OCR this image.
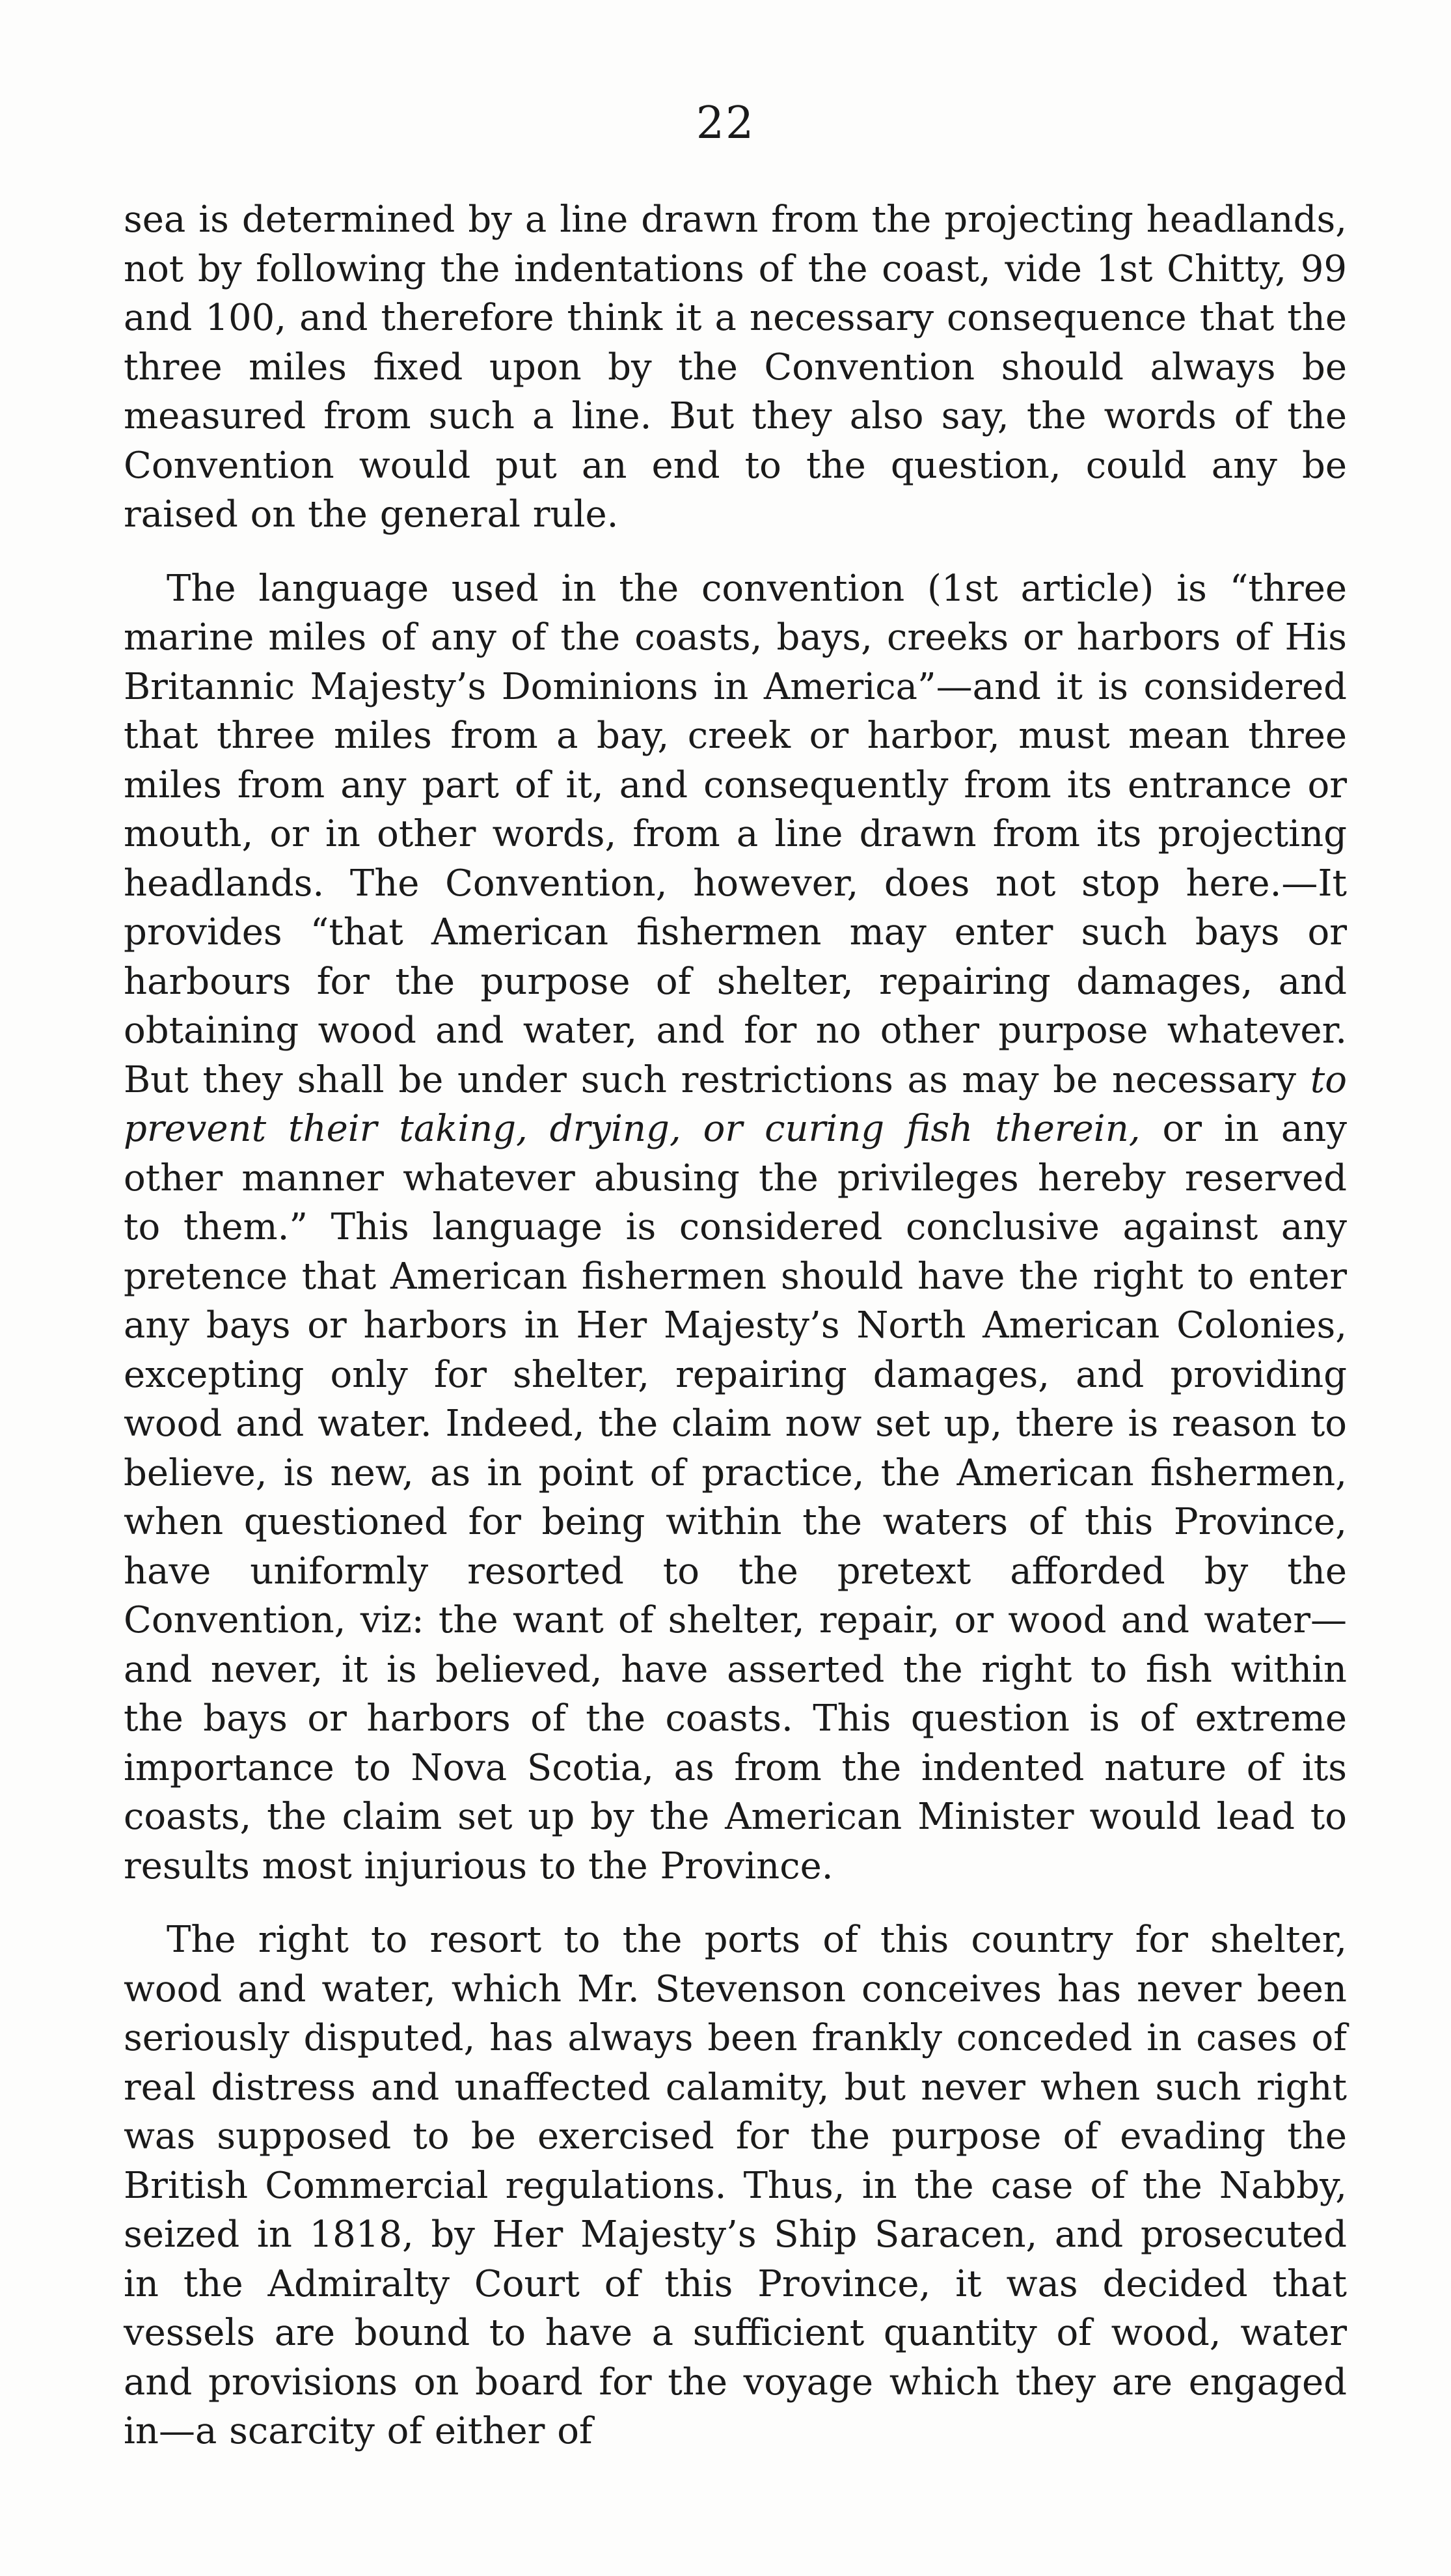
22

sea is determined by a line drawn from the projecting headlands, not by following the indentations of the coast, vide 1st Chitty, 99 and 100, and therefore think it a necessary consequence that the three miles fixed upon by the Convention should always be measured from such a line. But they also say, the words of the Convention would put an end to the question, could any be raised on the general rule.

The language used in the convention (1st article) is “three marine miles of any of the coasts, bays, creeks or harbors of His Britannic Majesty’s Dominions in America”—and it is considered that three miles from a bay, creek or harbor, must mean three miles from any part of it, and consequently from its entrance or mouth, or in other words, from a line drawn from its projecting headlands. The Convention, however, does not stop here.—It provides “that American fishermen may enter such bays or harbours for the purpose of shelter, repairing damages, and obtaining wood and water, and for no other purpose whatever. But they shall be under such restrictions as may be necessary to prevent their taking, drying, or curing fish therein, or in any other manner whatever abusing the privileges hereby reserved to them.” This language is considered conclusive against any pretence that American fishermen should have the right to enter any bays or harbors in Her Majesty’s North American Colonies, excepting only for shelter, repairing damages, and providing wood and water. Indeed, the claim now set up, there is reason to believe, is new, as in point of practice, the American fishermen, when questioned for being within the waters of this Province, have uniformly resorted to the pretext afforded by the Convention, viz: the want of shelter, repair, or wood and water—and never, it is believed, have asserted the right to fish within the bays or harbors of the coasts. This question is of extreme importance to Nova Scotia, as from the indented nature of its coasts, the claim set up by the American Minister would lead to results most injurious to the Province.

The right to resort to the ports of this country for shelter, wood and water, which Mr. Stevenson conceives has never been seriously disputed, has always been frankly conceded in cases of real distress and unaffected calamity, but never when such right was supposed to be exercised for the purpose of evading the British Commercial regulations. Thus, in the case of the Nabby, seized in 1818, by Her Majesty’s Ship Saracen, and prosecuted in the Admiralty Court of this Province, it was decided that vessels are bound to have a sufficient quantity of wood, water and provisions on board for the voyage which they are engaged in—a scarcity of either of
